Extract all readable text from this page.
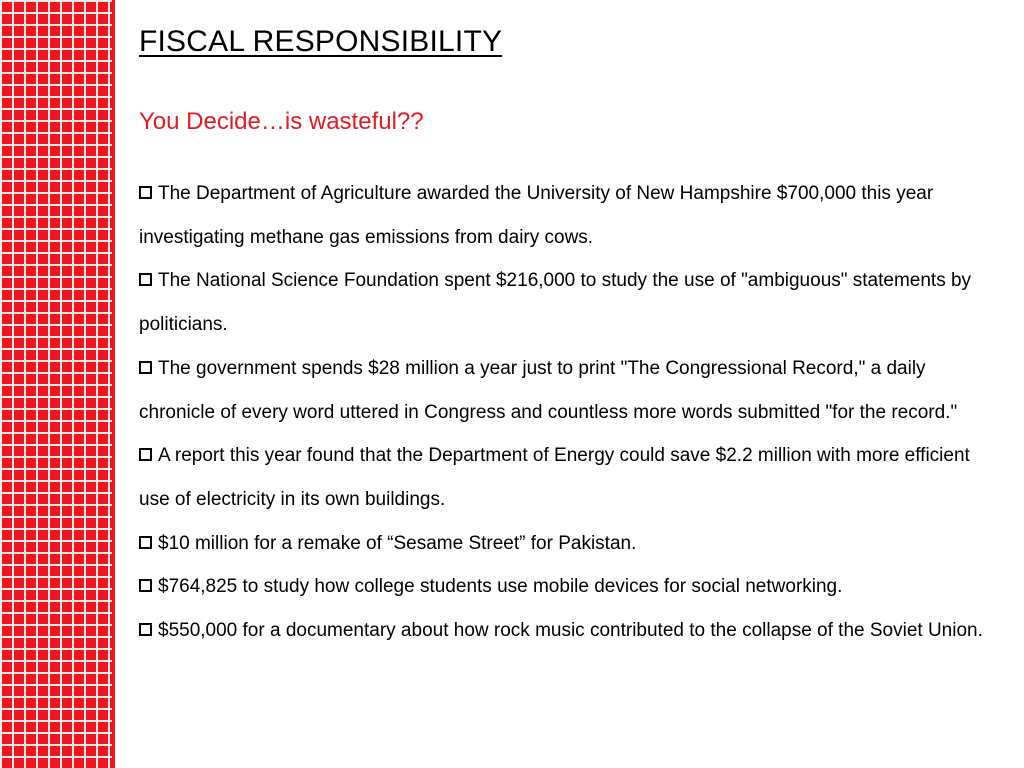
FISCAL RESPONSIBILITY
You Decide…is wasteful??
The Department of Agriculture awarded the University of New Hampshire $700,000 this year investigating methane gas emissions from dairy cows.
The National Science Foundation spent $216,000 to study the use of "ambiguous" statements by politicians.
The government spends $28 million a year just to print "The Congressional Record," a daily chronicle of every word uttered in Congress and countless more words submitted "for the record."
A report this year found that the Department of Energy could save $2.2 million with more efficient use of electricity in its own buildings.
$10 million for a remake of “Sesame Street” for Pakistan.
$764,825 to study how college students use mobile devices for social networking.
$550,000 for a documentary about how rock music contributed to the collapse of the Soviet Union.
